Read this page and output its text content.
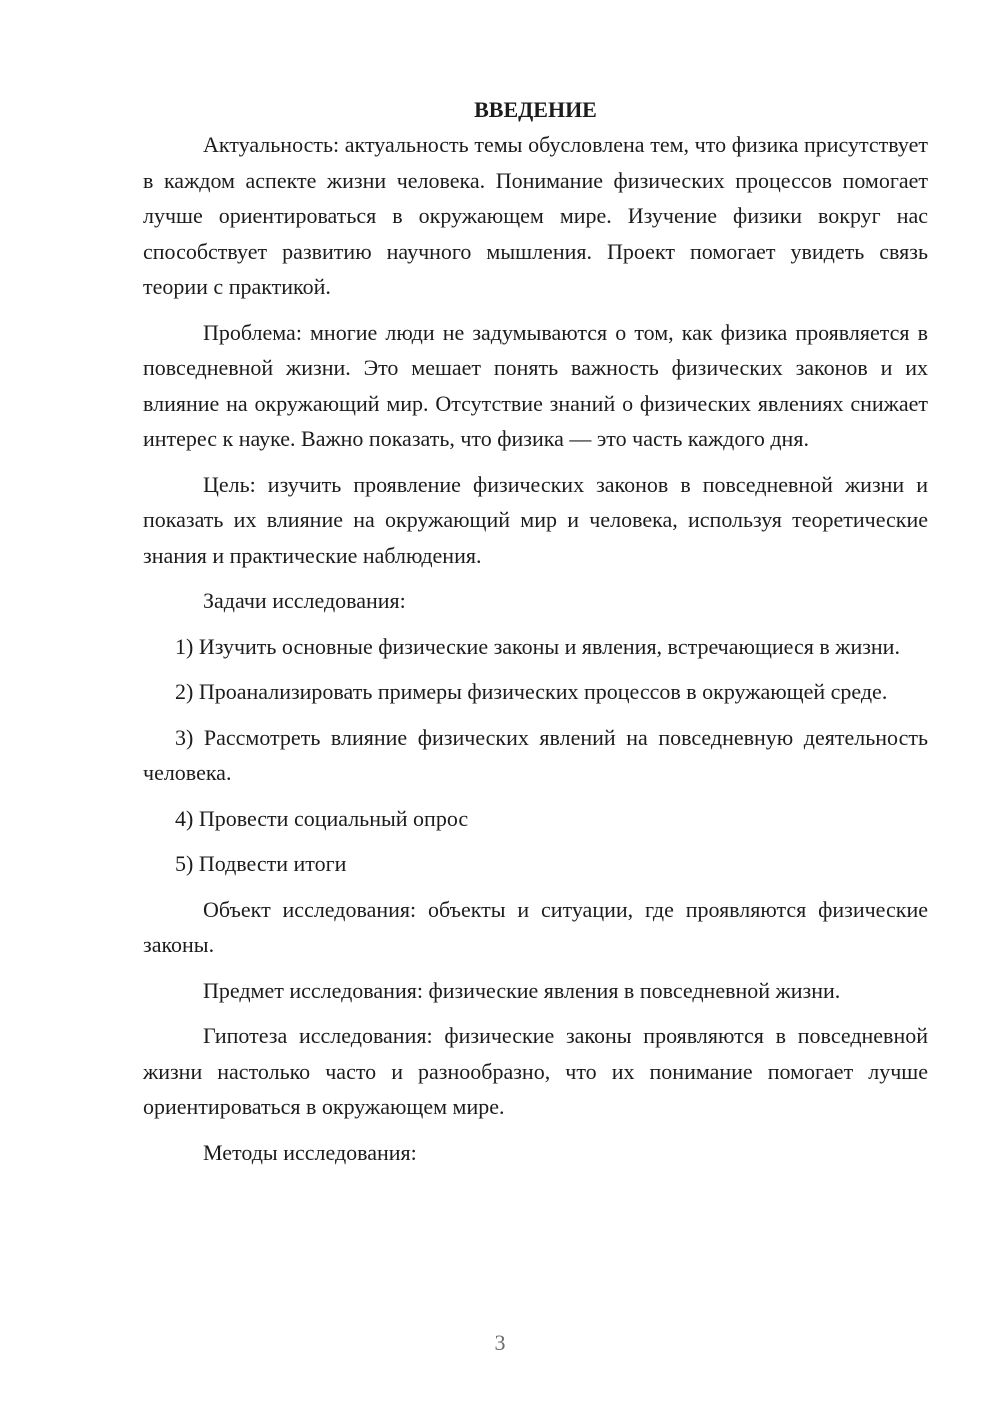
ВВЕДЕНИЕ

Актуальность: актуальность темы обусловлена тем, что физика присутствует в каждом аспекте жизни человека. Понимание физических процессов помогает лучше ориентироваться в окружающем мире. Изучение физики вокруг нас способствует развитию научного мышления. Проект помогает увидеть связь теории с практикой.

Проблема: многие люди не задумываются о том, как физика проявляется в повседневной жизни. Это мешает понять важность физических законов и их влияние на окружающий мир. Отсутствие знаний о физических явлениях снижает интерес к науке. Важно показать, что физика — это часть каждого дня.

Цель: изучить проявление физических законов в повседневной жизни и показать их влияние на окружающий мир и человека, используя теоретические знания и практические наблюдения.

Задачи исследования:

1) Изучить основные физические законы и явления, встречающиеся в жизни.

2) Проанализировать примеры физических процессов в окружающей среде.

3) Рассмотреть влияние физических явлений на повседневную деятельность человека.

4) Провести социальный опрос

5) Подвести итоги

Объект исследования: объекты и ситуации, где проявляются физические законы.

Предмет исследования: физические явления в повседневной жизни.

Гипотеза исследования: физические законы проявляются в повседневной жизни настолько часто и разнообразно, что их понимание помогает лучше ориентироваться в окружающем мире.

Методы исследования:

3
